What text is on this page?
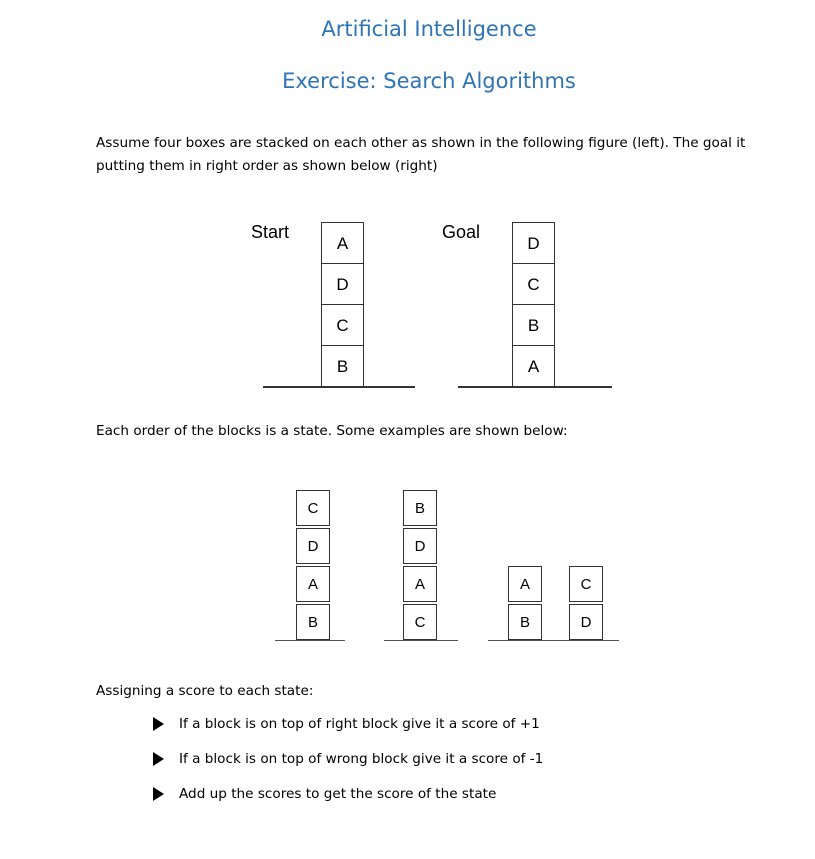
Artificial Intelligence
Exercise: Search Algorithms
Assume four boxes are stacked on each other as shown in the following figure (left). The goal it putting them in right order as shown below (right)
Start	Goal
A
D
C
B
D
C
B
A
Each order of the blocks is a state. Some examples are shown below:
C
D
A
B
B
D
A
C
A
B
C
D
Assigning a score to each state:
If a block is on top of right block give it a score of +1
If a block is on top of wrong block give it a score of -1
Add up the scores to get the score of the state
